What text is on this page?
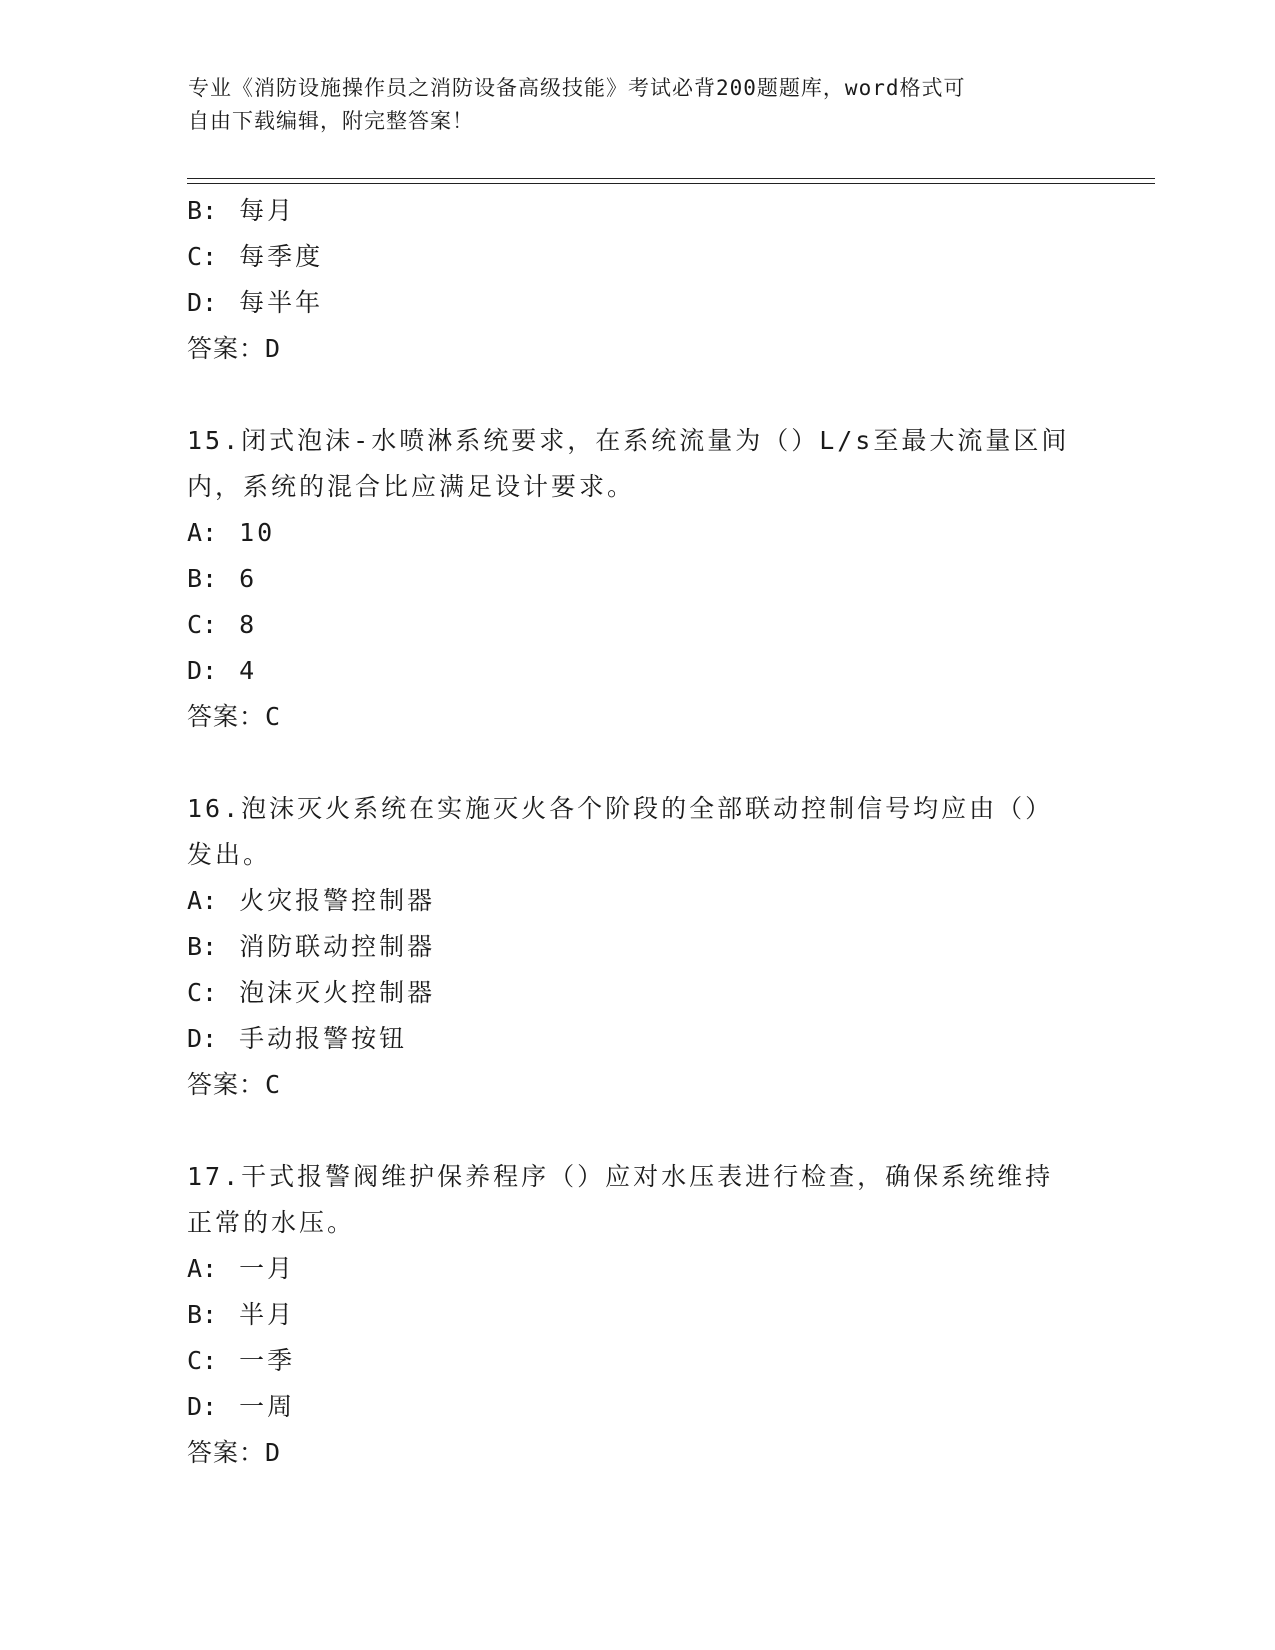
专业《消防设施操作员之消防设备高级技能》考试必背200题题库，word格式可
自由下载编辑，附完整答案！
B: 每月
C: 每季度
D: 每半年
答案：D
15.闭式泡沫-水喷淋系统要求，在系统流量为（）L/s至最大流量区间
内，系统的混合比应满足设计要求。
A: 10
B: 6
C: 8
D: 4
答案：C
16.泡沫灭火系统在实施灭火各个阶段的全部联动控制信号均应由（）
发出。
A: 火灾报警控制器
B: 消防联动控制器
C: 泡沫灭火控制器
D: 手动报警按钮
答案：C
17.干式报警阀维护保养程序（）应对水压表进行检查，确保系统维持
正常的水压。
A: 一月
B: 半月
C: 一季
D: 一周
答案：D
